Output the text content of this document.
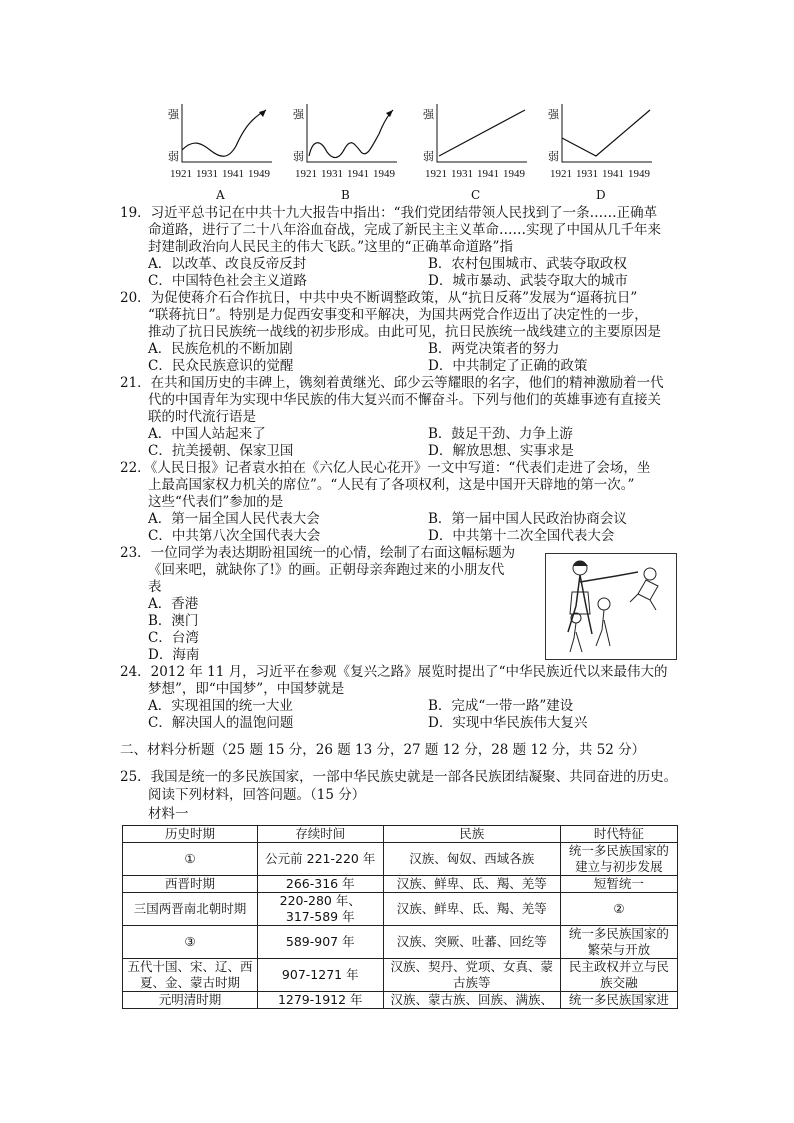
强
弱
1921 1931 1941 1949
A
强
弱
1921 1931 1941 1949
B
强
弱
1921 1931 1941 1949
C
强
弱
1921 1931 1941 1949
D
19．习近平总书记在中共十九大报告中指出：“我们党团结带领人民找到了一条……正确革
命道路，进行了二十八年浴血奋战，完成了新民主主义革命……实现了中国从几千年来
封建制政治向人民民主的伟大飞跃。”这里的“正确革命道路”指
A．以改革、改良反帝反封	B．农村包围城市、武装夺取政权
C．中国特色社会主义道路	D．城市暴动、武装夺取大的城市
20．为促使蒋介石合作抗日，中共中央不断调整政策，从“抗日反蒋”发展为“逼蒋抗日”
“联蒋抗日”。特别是力促西安事变和平解决，为国共两党合作迈出了决定性的一步，
推动了抗日民族统一战线的初步形成。由此可见，抗日民族统一战线建立的主要原因是
A．民族危机的不断加剧	B．两党决策者的努力
C．民众民族意识的觉醒	D．中共制定了正确的政策
21．在共和国历史的丰碑上，镌刻着黄继光、邱少云等耀眼的名字，他们的精神激励着一代
代的中国青年为实现中华民族的伟大复兴而不懈奋斗。下列与他们的英雄事迹有直接关
联的时代流行语是
A．中国人站起来了	B．鼓足干劲、力争上游
C．抗美援朝、保家卫国	D．解放思想、实事求是
22．《人民日报》记者袁水拍在《六亿人民心花开》一文中写道：“代表们走进了会场，坐
上最高国家权力机关的席位”。“人民有了各项权利，这是中国开天辟地的第一次。”
这些“代表们”参加的是
A．第一届全国人民代表大会	B．第一届中国人民政治协商会议
C．中共第八次全国代表大会	D．中共第十二次全国代表大会
23．一位同学为表达期盼祖国统一的心情，绘制了右面这幅标题为
《回来吧，就缺你了!》的画。正朝母亲奔跑过来的小朋友代
表
A．香港
B．澳门
C．台湾
D．海南
24．2012 年 11 月，习近平在参观《复兴之路》展览时提出了“中华民族近代以来最伟大的
梦想”，即“中国梦”，中国梦就是
A．实现祖国的统一大业	B．完成“一带一路”建设
C．解决国人的温饱问题	D．实现中华民族伟大复兴
二、材料分析题（25 题 15 分，26 题 13 分，27 题 12 分，28 题 12 分，共 52 分）
25．我国是统一的多民族国家，一部中华民族史就是一部各民族团结凝聚、共同奋进的历史。
阅读下列材料，回答问题。（15 分）
材料一
历史时期	存续时间	民族	时代特征
①	公元前 221-220 年	汉族、匈奴、西域各族	统一多民族国家的
建立与初步发展
西晋时期	266-316 年	汉族、鲜卑、氐、羯、羌等	短暂统一
三国两晋南北朝时期	220-280 年、
317-589 年	汉族、鲜卑、氐、羯、羌等	②
③	589-907 年	汉族、突厥、吐蕃、回纥等	统一多民族国家的
繁荣与开放
五代十国、宋、辽、西
夏、金、蒙古时期	907-1271 年	汉族、契丹、党项、女真、蒙
古族等	民主政权并立与民
族交融
元明清时期	1279-1912 年	汉族、蒙古族、回族、满族、	统一多民族国家进
